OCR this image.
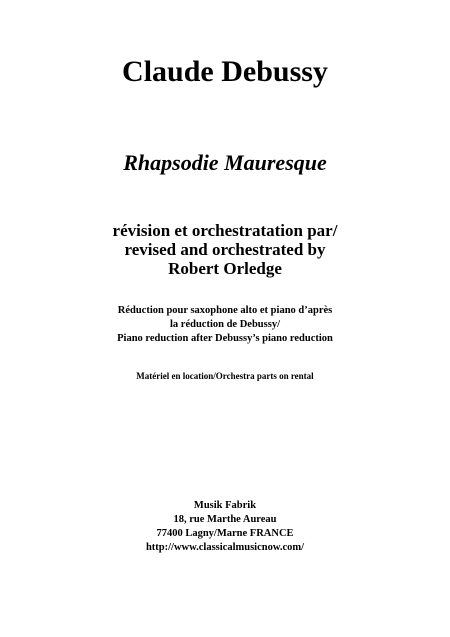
Claude Debussy
Rhapsodie Mauresque
révision et orchestratation par/
revised and orchestrated by
Robert Orledge
Réduction pour saxophone alto et piano d’après
la réduction de Debussy/
Piano reduction after Debussy’s piano reduction
Matériel en location/Orchestra parts on rental
Musik Fabrik
18, rue Marthe Aureau
77400 Lagny/Marne FRANCE
http://www.classicalmusicnow.com/
